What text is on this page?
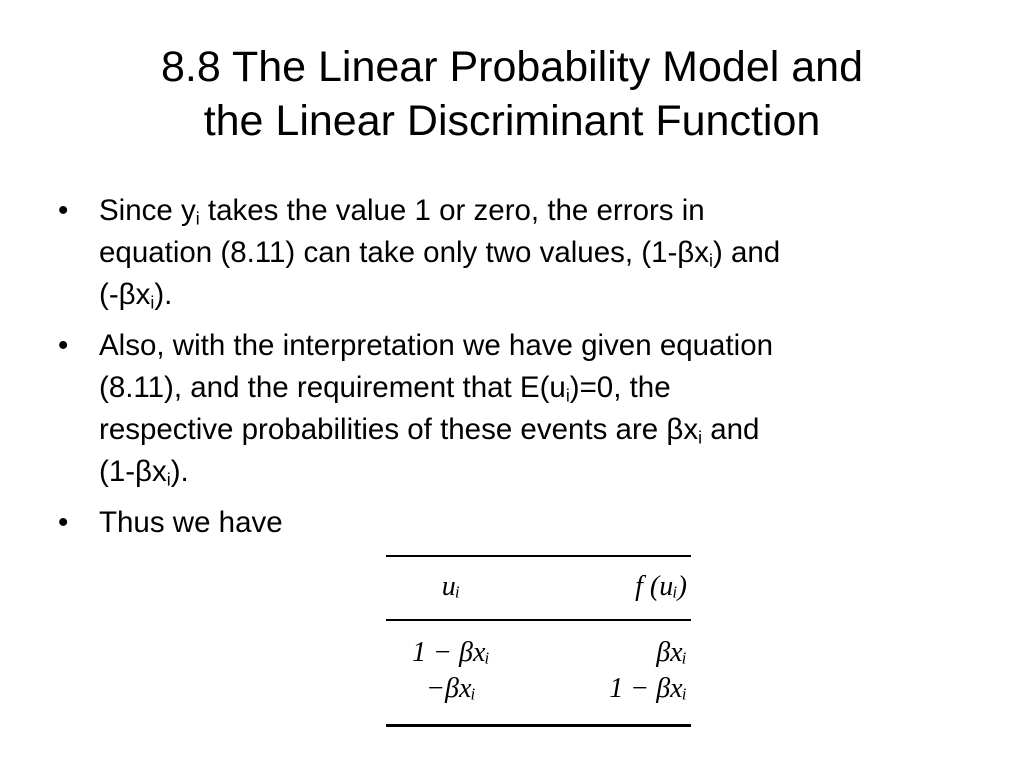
8.8 The Linear Probability Model and
the Linear Discriminant Function
• Since $y_i$ takes the value 1 or zero, the errors in
equation (8.11) can take only two values, $(1-\beta x_i)$ and
$(-\beta x_i)$.
• Also, with the interpretation we have given equation
(8.11), and the requirement that $E(u_i)=0$, the
respective probabilities of these events are $\beta x_i$ and
$(1-\beta x_i)$.
• Thus we have
uᵢ	f (uᵢ)
1 − βxᵢ	βxᵢ
−βxᵢ	1 − βxᵢ
